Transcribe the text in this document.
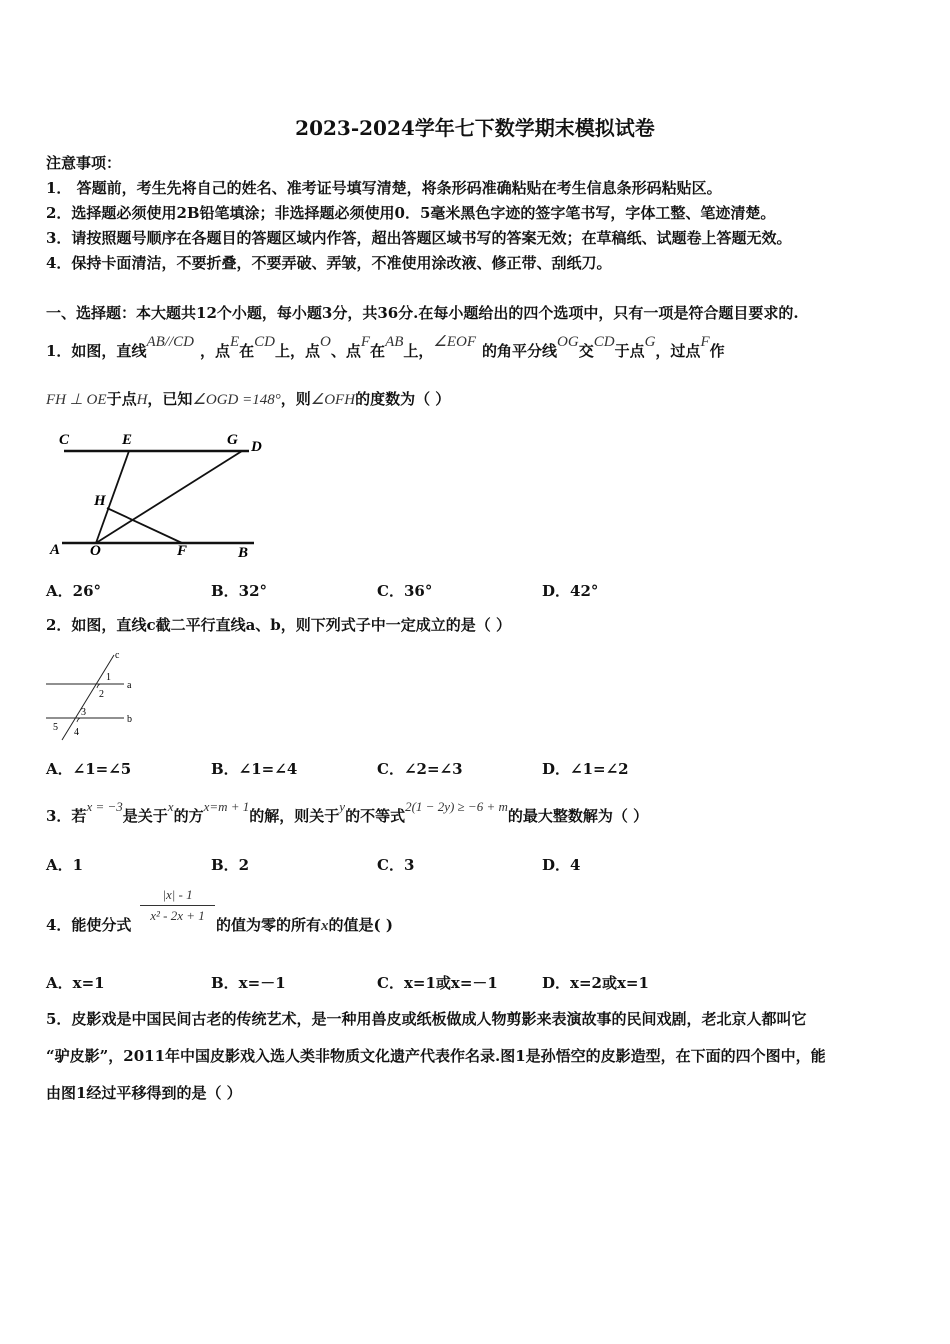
2023-2024学年七下数学期末模拟试卷
注意事项：
1． 答题前，考生先将自己的姓名、准考证号填写清楚，将条形码准确粘贴在考生信息条形码粘贴区。
2．选择题必须使用2B铅笔填涂；非选择题必须使用0．5毫米黑色字迹的签字笔书写，字体工整、笔迹清楚。
3．请按照题号顺序在各题目的答题区域内作答，超出答题区域书写的答案无效；在草稿纸、试题卷上答题无效。
4．保持卡面清洁，不要折叠，不要弄破、弄皱，不准使用涂改液、修正带、刮纸刀。
一、选择题：本大题共12个小题，每小题3分，共36分.在每小题给出的四个选项中，只有一项是符合题目要求的.
1．如图，直线AB//CD ，点E在CD上，点O、点F在AB上，∠EOF 的角平分线OG交CD于点G，过点F作
FH ⊥ OE于点H，已知∠OGD =148°，则∠OFH的度数为（ ）
C	E	G D
H
A O	F	B
A．26°	B．32°	C．36°	D．42°
2．如图，直线c截二平行直线a、b，则下列式子中一定成立的是（ ）
c
a
b
1
2
3
4
5
A．∠1=∠5	B．∠1=∠4	C．∠2=∠3	D．∠1=∠2
3．若x = −3是关于x的方x=m + 1的解，则关于y的不等式2(1 − 2y) ≥ −6 + m的最大整数解为（ ）
A．1	B．2	C．3	D．4
4．能使分式
$\frac{|x| - 1}{\text{x² - 2x + 1}}$
的值为零的所有x的值是( )
A．x=1	B．x=－1	C．x=1或x=－1	D．x=2或x=1
5．皮影戏是中国民间古老的传统艺术，是一种用兽皮或纸板做成人物剪影来表演故事的民间戏剧，老北京人都叫它
“驴皮影”，2011年中国皮影戏入选人类非物质文化遗产代表作名录.图1是孙悟空的皮影造型，在下面的四个图中，能
由图1经过平移得到的是（ ）
